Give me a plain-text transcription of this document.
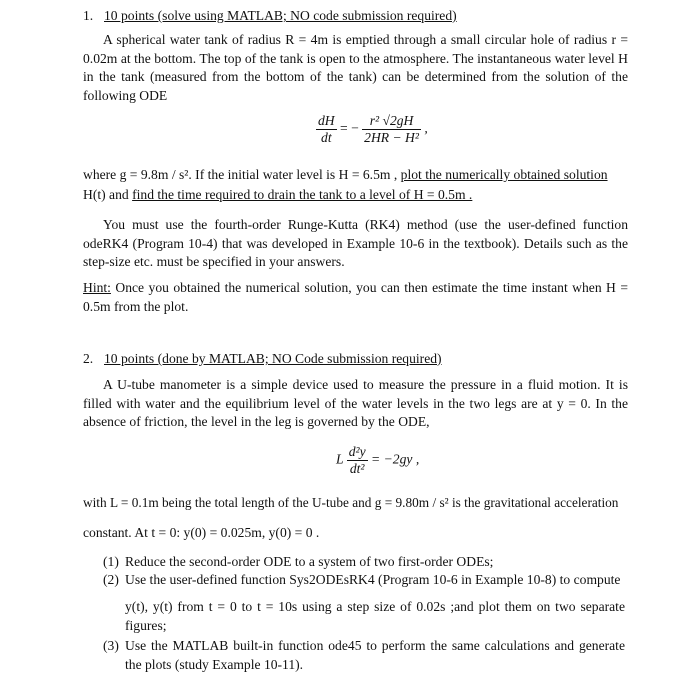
1. 10 points (solve using MATLAB; NO code submission required)

A spherical water tank of radius R = 4m is emptied through a small circular hole of radius r = 0.02m at the bottom. The top of the tank is open to the atmosphere. The instantaneous water level H in the tank (measured from the bottom of the tank) can be determined from the solution of the following ODE

$\frac{dH}{dt}$ = − $\frac{\text{r² √2gH}}{\text{2HR − H²}}$ ,
where g = 9.8m / s². If the initial water level is H = 6.5m , plot the numerically obtained solution
H(t) and find the time required to drain the tank to a level of H = 0.5m .

You must use the fourth-order Runge-Kutta (RK4) method (use the user-defined function odeRK4 (Program 10-4) that was developed in Example 10-6 in the textbook). Details such as the step-size etc. must be specified in your answers.

Hint: Once you obtained the numerical solution, you can then estimate the time instant when H = 0.5m from the plot.

2. 10 points (done by MATLAB; NO Code submission required)

A U-tube manometer is a simple device used to measure the pressure in a fluid motion. It is filled with water and the equilibrium level of the water levels in the two legs are at y = 0. In the absence of friction, the level in the leg is governed by the ODE,

L $\frac{\text{d²y}}{\text{dt²}} = -2gy$ ,
with L = 0.1m being the total length of the U-tube and g = 9.80m / s² is the gravitational acceleration
constant. At t = 0: y(0) = 0.025m, y(0) = 0 .
(1) Reduce the second-order ODE to a system of two first-order ODEs;
(2) Use the user-defined function Sys2ODEsRK4 (Program 10-6 in Example 10-8) to compute
y(t), y(t) from t = 0 to t = 10s using a step size of 0.02s ;and plot them on two separate figures;
(3) Use the MATLAB built-in function ode45 to perform the same calculations and generate the plots (study Example 10-11).
